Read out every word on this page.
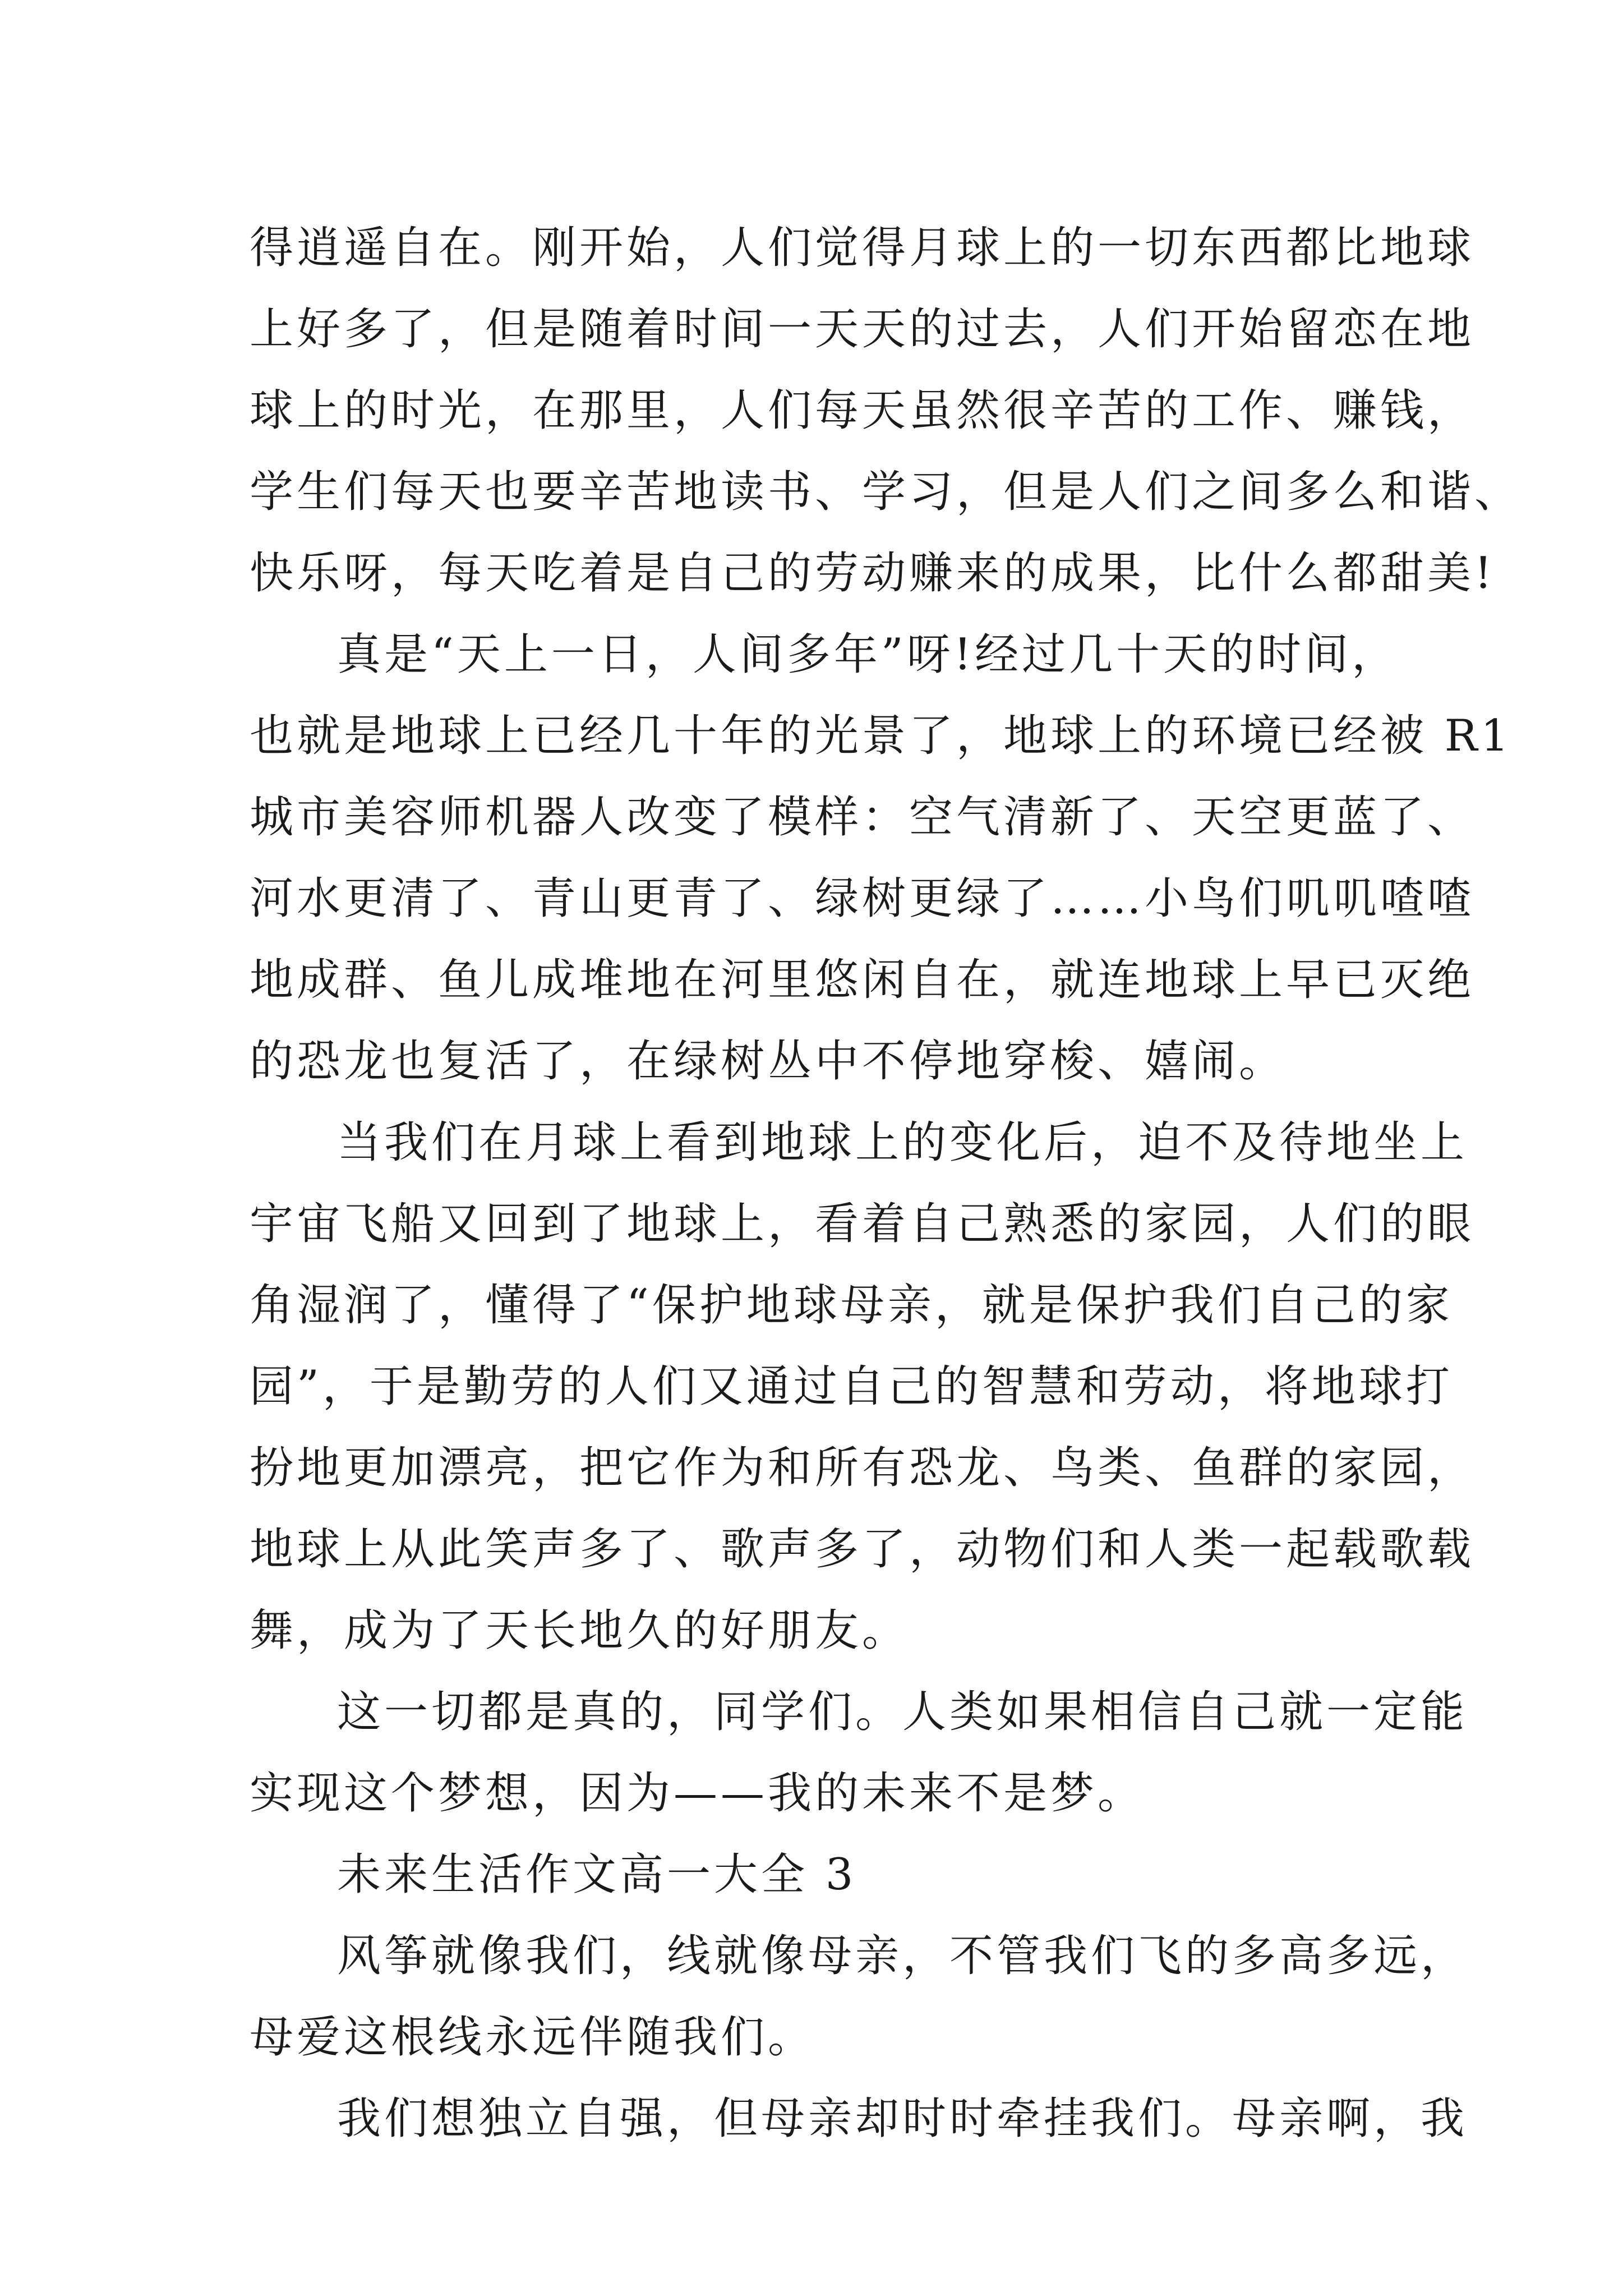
得逍遥自在。刚开始，人们觉得月球上的一切东西都比地球
上好多了，但是随着时间一天天的过去，人们开始留恋在地
球上的时光，在那里，人们每天虽然很辛苦的工作、赚钱，
学生们每天也要辛苦地读书、学习，但是人们之间多么和谐、
快乐呀，每天吃着是自己的劳动赚来的成果，比什么都甜美!
真是“天上一日，人间多年”呀!经过几十天的时间，
也就是地球上已经几十年的光景了，地球上的环境已经被 R1
城市美容师机器人改变了模样：空气清新了、天空更蓝了、
河水更清了、青山更青了、绿树更绿了……小鸟们叽叽喳喳
地成群、鱼儿成堆地在河里悠闲自在，就连地球上早已灭绝
的恐龙也复活了，在绿树丛中不停地穿梭、嬉闹。
当我们在月球上看到地球上的变化后，迫不及待地坐上
宇宙飞船又回到了地球上，看着自己熟悉的家园，人们的眼
角湿润了，懂得了“保护地球母亲，就是保护我们自己的家
园”，于是勤劳的人们又通过自己的智慧和劳动，将地球打
扮地更加漂亮，把它作为和所有恐龙、鸟类、鱼群的家园，
地球上从此笑声多了、歌声多了，动物们和人类一起载歌载
舞，成为了天长地久的好朋友。
这一切都是真的，同学们。人类如果相信自己就一定能
实现这个梦想，因为——我的未来不是梦。
未来生活作文高一大全 3
风筝就像我们，线就像母亲，不管我们飞的多高多远，
母爱这根线永远伴随我们。
我们想独立自强，但母亲却时时牵挂我们。母亲啊，我
